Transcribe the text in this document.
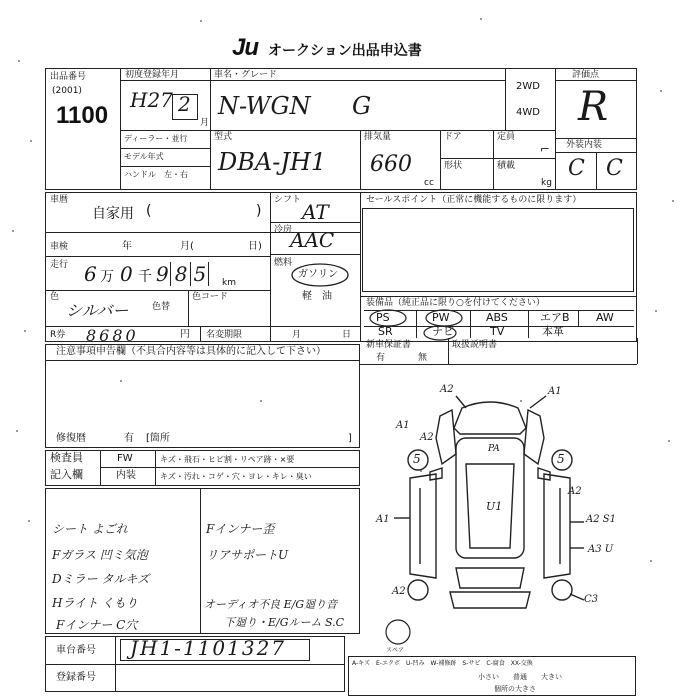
Ju オークション出品申込書
出品番号
(2001)
1100
初度登録年月
H27 2
月
車名・グレード
N-WGN G
2WD
4WD
評価点
R
外装内装
C C
ディーラー・並行
モデル年式
ハンドル　左・右
型式
DBA-JH1
排気量
660
cc
ドア	定員
形状	積載
kg
⌐
車暦
自家用 (	)
シフト AT	セールスポイント（正常に機能するものに限ります）
車検	年	月(	日)
冷房
AAC
走行 6 万 0 千 985 km
燃料
ガソリン
軽　油
色
シルバー	色替
色コード
装備品（純正品に限り○を付けてください）
PS	PW	ABS	エアB AW
SR	ナビ	TV	本革
R券 8680	円 名変期限	月	日
新車保証書
有	無
取扱説明書
注意事項申告欄（不具合内容等は具体的に記入して下さい）
修復暦	有 [箇所	]
検査員
記入欄
FW	キズ・飛石・ヒビ割・リペア跡・×要
内装	キズ・汚れ・コゲ・穴・ヨレ・キレ・臭い
シート よごれ
Fガラス 凹ミ気泡
Dミラー タルキズ
Hライト くもり
Fインナー C穴
Fインナー歪
リアサポートU
オーディオ不良 E/G廻り音
下廻り・E/Gルーム S.C
A2	A1
A1
A2
A1
A2
U1
PA
5	5
A2
A2 S1
A3 U
C3
スペア
車台番号 JH1-1101327
登録番号
A-キズ　E-エクボ　U-凹み　W-補修跡　S-サビ　C-腐食　XX-交換
小さい　　普通　　大きい
個所の大きさ
